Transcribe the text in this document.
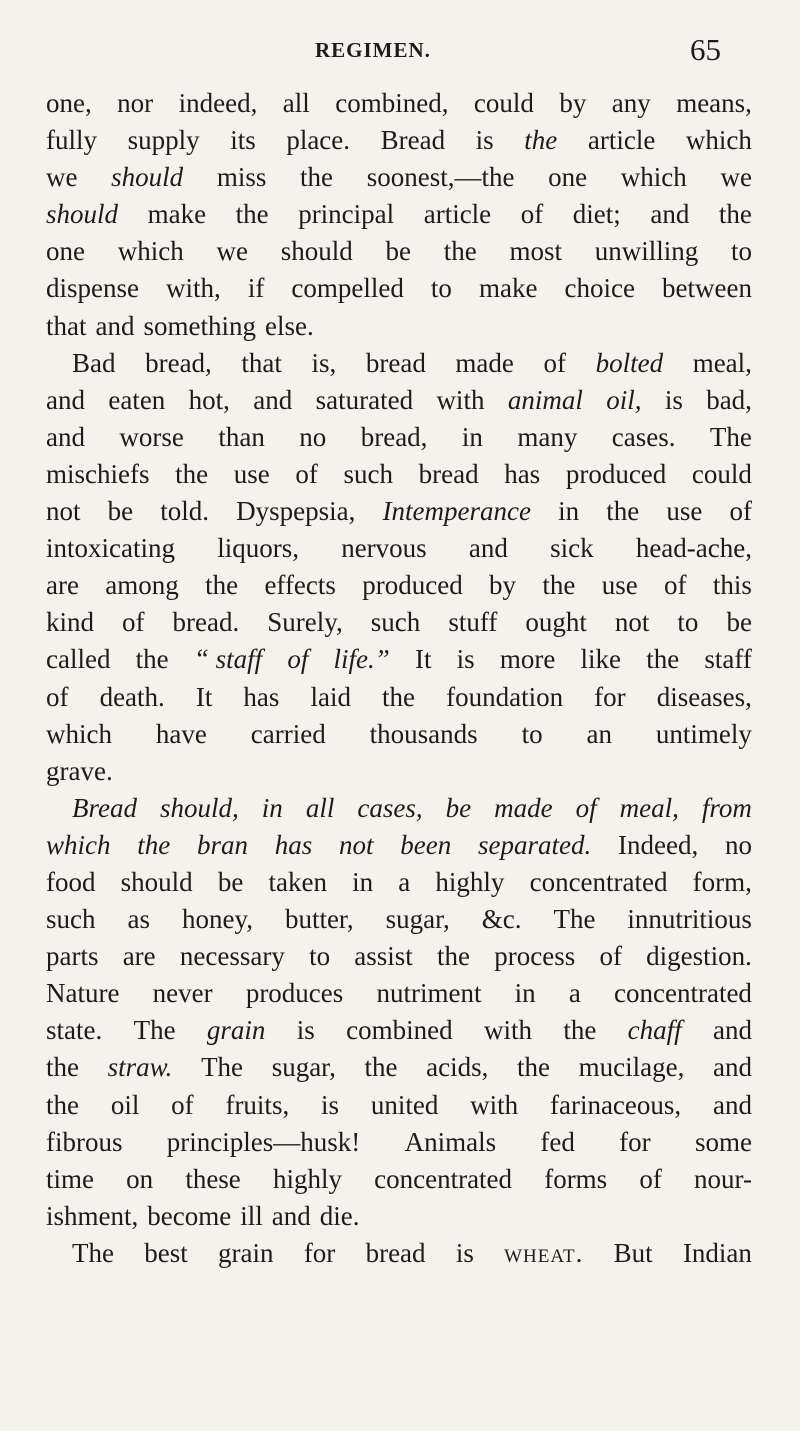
REGIMEN.	65
one, nor indeed, all combined, could by any means,
fully supply its place. Bread is the article which
we should miss the soonest,—the one which we
should make the principal article of diet; and the
one which we should be the most unwilling to
dispense with, if compelled to make choice between
that and something else.
Bad bread, that is, bread made of bolted meal,
and eaten hot, and saturated with animal oil, is bad,
and worse than no bread, in many cases. The
mischiefs the use of such bread has produced could
not be told. Dyspepsia, Intemperance in the use of
intoxicating liquors, nervous and sick head-ache,
are among the effects produced by the use of this
kind of bread. Surely, such stuff ought not to be
called the “ staff of life.” It is more like the staff
of death. It has laid the foundation for diseases,
which have carried thousands to an untimely
grave.
Bread should, in all cases, be made of meal, from
which the bran has not been separated. Indeed, no
food should be taken in a highly concentrated form,
such as honey, butter, sugar, &c. The innutritious
parts are necessary to assist the process of digestion.
Nature never produces nutriment in a concentrated
state. The grain is combined with the chaff and
the straw. The sugar, the acids, the mucilage, and
the oil of fruits, is united with farinaceous, and
fibrous principles—husk! Animals fed for some
time on these highly concentrated forms of nour-
ishment, become ill and die.
The best grain for bread is wheat. But Indian
